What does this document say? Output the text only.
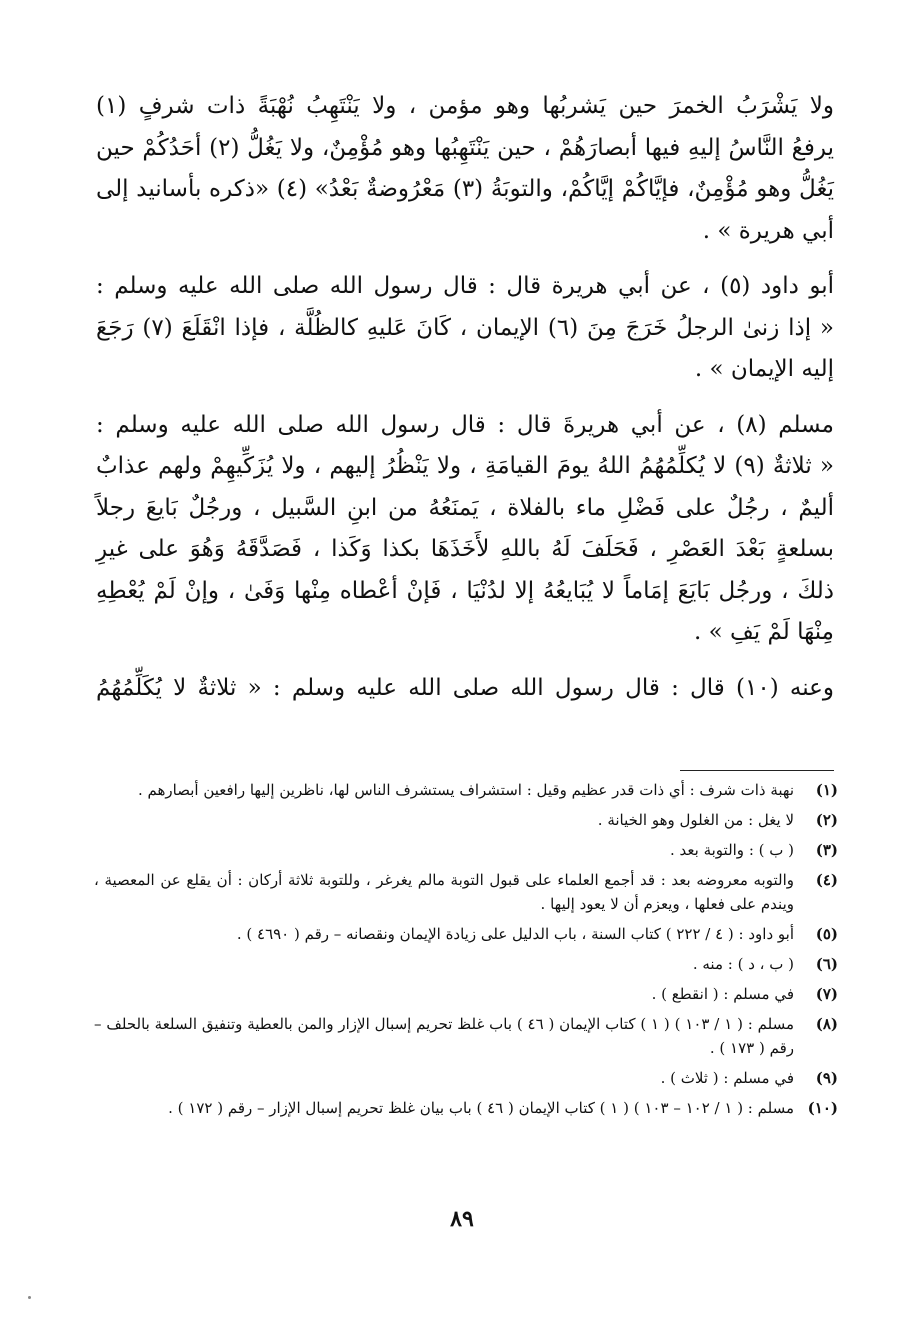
ولا يَشْرَبُ الخمرَ حين يَشربُها وهو مؤمن ، ولا يَنْتَهِبُ نُهْبَةً ذات شرفٍ (١)
يرفعُ النَّاسُ إليهِ فيها أبصارَهُمْ ، حين يَنْتَهِبُها وهو مُؤْمِنٌ، ولا يَغُلُّ (٢) أحَدُكُمْ حين
يَغُلُّ وهو مُؤْمِنٌ، فإيَّاكُمْ إيَّاكُمْ، والتوبَةُ (٣) مَعْرُوضةٌ بَعْدُ» (٤) «ذكره بأسانيد إلى
أبي هريرة » .
أبو داود (٥) ، عن أبي هريرة قال : قال رسول الله صلى الله عليه وسلم :
« إذا زنىٰ الرجلُ خَرَجَ مِنَ (٦) الإيمان ، كَانَ عَليهِ كالظُلَّة ، فإذا انْقَلَعَ (٧) رَجَعَ
إليه الإيمان » .
مسلم (٨) ، عن أبي هريرةَ قال : قال رسول الله صلى الله عليه وسلم :
« ثلاثةٌ (٩) لا يُكلِّمُهُمُ اللهُ يومَ القيامَةِ ، ولا يَنْظُرُ إليهم ، ولا يُزَكِّيهِمْ ولهم عذابٌ
أليمٌ ، رجُلٌ على فَضْلِ ماء بالفلاة ، يَمنَعُهُ من ابنِ السَّبيل ، ورجُلٌ بَايعَ رجلاً
بسلعةٍ بَعْدَ العَصْرِ ، فَحَلَفَ لَهُ باللهِ لأَخَذَهَا بكذا وَكَذا ، فَصَدَّقَهُ وَهُوَ على غيرِ
ذلكَ ، ورجُل بَايَعَ إمَاماً لا يُبَايعُهُ إلا لدُنْيَا ، فَإنْ أعْطاه مِنْها وَفَىٰ ، وإنْ لَمْ يُعْطِهِ
مِنْهَا لَمْ يَفِ » .
وعنه (١٠) قال : قال رسول الله صلى الله عليه وسلم : « ثلاثةٌ لا يُكَلِّمُهُمُ
(١)
نهبة ذات شرف : أي ذات قدر عظيم وقيل : استشراف يستشرف الناس لها، ناظرين إليها رافعين أبصارهم .
(٢)
لا يغل : من الغلول وهو الخيانة .
(٣)
( ب ) : والتوبة بعد .
(٤)
والتوبه معروضه بعد : قد أجمع العلماء على قبول التوبة مالم يغرغر ، وللتوبة ثلاثة أركان : أن يقلع عن المعصية ، ويندم على فعلها ، ويعزم أن لا يعود إليها .
(٥)
أبو داود : ( ٤ / ٢٢٢ ) كتاب السنة ، باب الدليل على زيادة الإيمان ونقصانه – رقم ( ٤٦٩٠ ) .
(٦)
( ب ، د ) : منه .
(٧)
في مسلم : ( انقطع ) .
(٨)
مسلم : ( ١ / ١٠٣ ) ( ١ ) كتاب الإيمان ( ٤٦ ) باب غلظ تحريم إسبال الإزار والمن بالعطية وتنفيق السلعة بالحلف – رقم ( ١٧٣ ) .
(٩)
في مسلم : ( ثلاث ) .
(١٠)
مسلم : ( ١ / ١٠٢ – ١٠٣ ) ( ١ ) كتاب الإيمان ( ٤٦ ) باب بيان غلظ تحريم إسبال الإزار – رقم ( ١٧٢ ) .
٨٩
